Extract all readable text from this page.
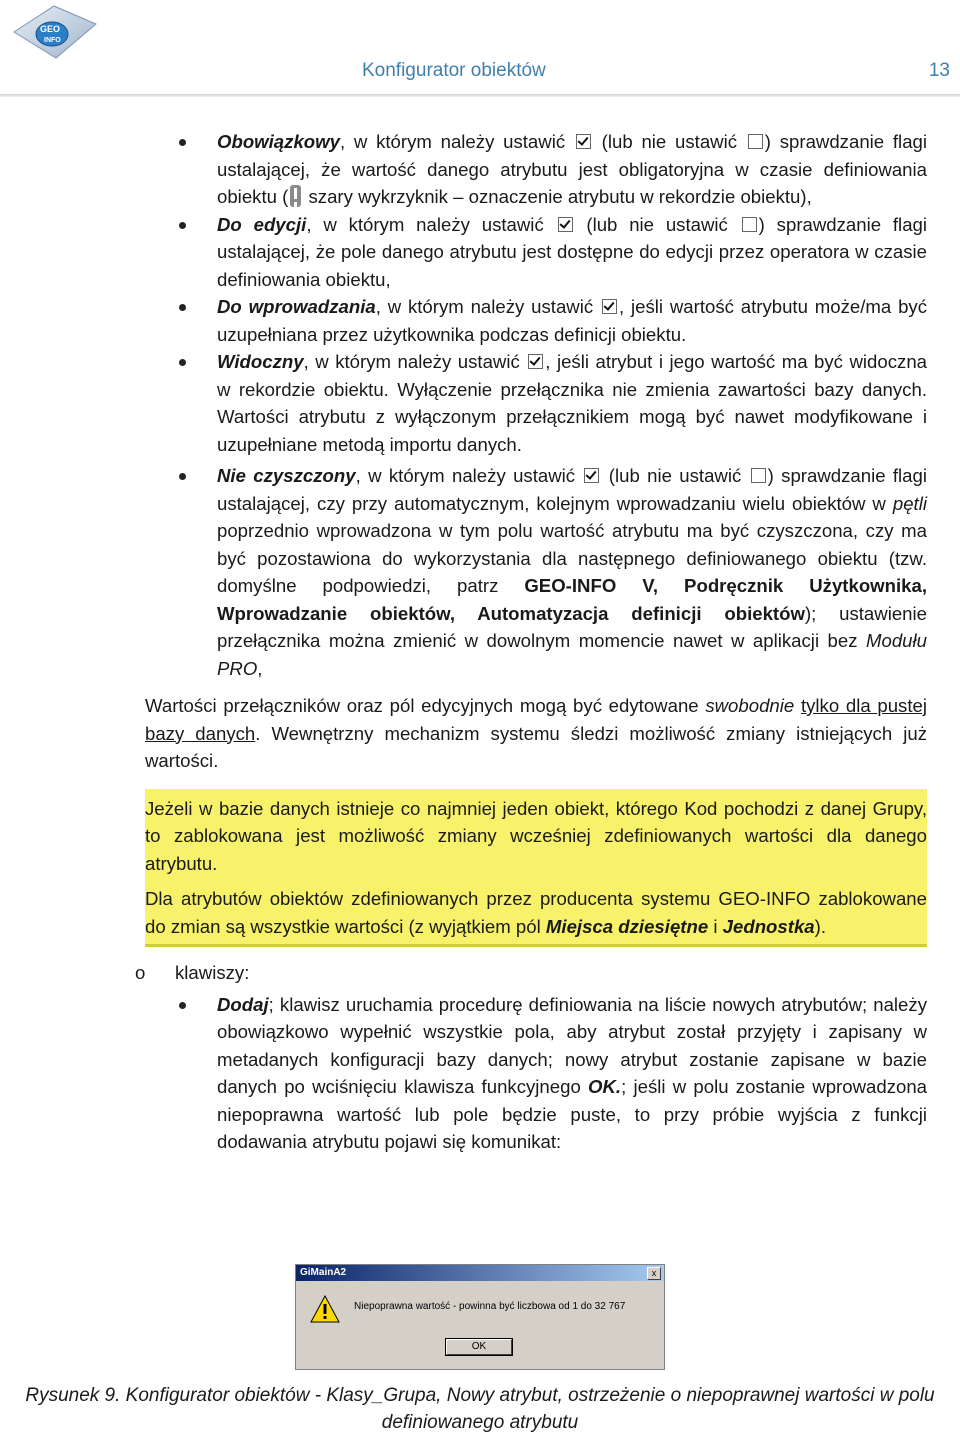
GEO
INFO
Konfigurator obiektów	13
Obowiązkowy, w którym należy ustawić  (lub nie ustawić ) sprawdzanie flagi ustalającej, że wartość danego atrybutu jest obligatoryjna w czasie definiowania obiektu ( szary wykrzyknik – oznaczenie atrybutu w rekordzie obiektu),
Do edycji, w którym należy ustawić  (lub nie ustawić ) sprawdzanie flagi ustalającej, że pole danego atrybutu jest dostępne do edycji przez operatora w czasie definiowania obiektu,
Do wprowadzania, w którym należy ustawić , jeśli wartość atrybutu może/ma być uzupełniana przez użytkownika podczas definicji obiektu.
Widoczny, w którym należy ustawić , jeśli atrybut i jego wartość ma być widoczna w rekordzie obiektu. Wyłączenie przełącznika nie zmienia zawartości bazy danych. Wartości atrybutu z wyłączonym przełącznikiem mogą być nawet modyfikowane i uzupełniane metodą importu danych.
Nie czyszczony, w którym należy ustawić  (lub nie ustawić ) sprawdzanie flagi ustalającej, czy przy automatycznym, kolejnym wprowadzaniu wielu obiektów w pętli poprzednio wprowadzona w tym polu wartość atrybutu ma być czyszczona, czy ma być pozostawiona do wykorzystania dla następnego definiowanego obiektu (tzw. domyślne podpowiedzi, patrz GEO-INFO V, Podręcznik Użytkownika, Wprowadzanie obiektów, Automatyzacja definicji obiektów); ustawienie przełącznika można zmienić w dowolnym momencie nawet w aplikacji bez Modułu PRO,

Wartości przełączników oraz pól edycyjnych mogą być edytowane swobodnie tylko dla pustej bazy danych. Wewnętrzny mechanizm systemu śledzi możliwość zmiany istniejących już wartości.

Jeżeli w bazie danych istnieje co najmniej jeden obiekt, którego Kod pochodzi z danej Grupy, to zablokowana jest możliwość zmiany wcześniej zdefiniowanych wartości dla danego atrybutu.

Dla atrybutów obiektów zdefiniowanych przez producenta systemu GEO-INFO zablokowane do zmian są wszystkie wartości (z wyjątkiem pól Miejsca dziesiętne i Jednostka).

o klawiszy:
Dodaj; klawisz uruchamia procedurę definiowania na liście nowych atrybutów; należy obowiązkowo wypełnić wszystkie pola, aby atrybut został przyjęty i zapisany w metadanych konfiguracji bazy danych; nowy atrybut zostanie zapisane w bazie danych po wciśnięciu klawisza funkcyjnego OK.; jeśli w polu zostanie wprowadzona niepoprawna wartość lub pole będzie puste, to przy próbie wyjścia z funkcji dodawania atrybutu pojawi się komunikat:
GiMainA2	x
Niepoprawna wartość - powinna być liczbowa od 1 do 32 767
OK
Rysunek 9. Konfigurator obiektów - Klasy_Grupa, Nowy atrybut, ostrzeżenie o niepoprawnej wartości w polu definiowanego atrybutu
